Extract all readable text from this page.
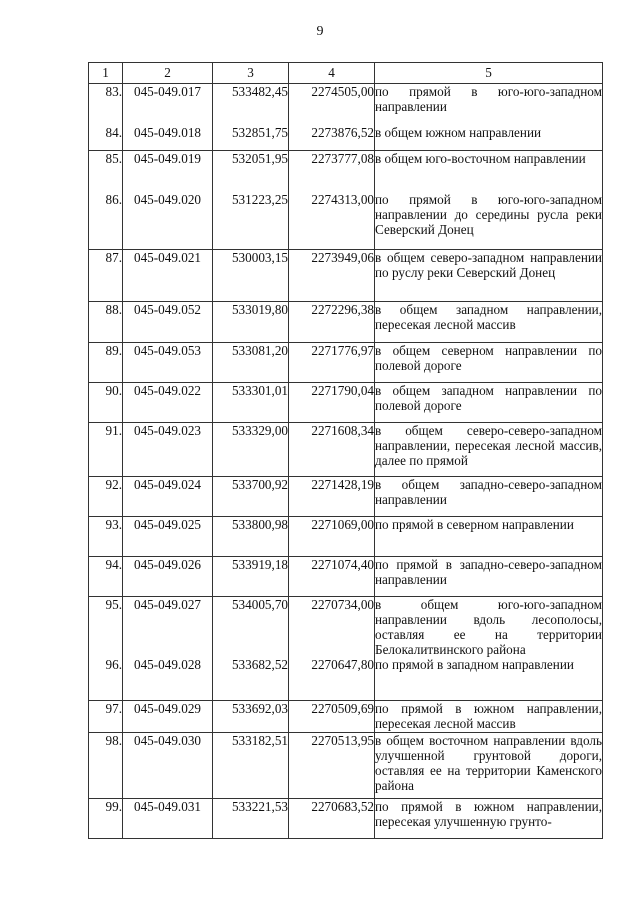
9
1	2	3	4	5

83.	045-049.017	533482,45	2274505,00	по прямой в юго-юго-западном направлении

84.	045-049.018	532851,75	2273876,52	в общем южном направлении

85.	045-049.019	532051,95	2273777,08	в общем юго-восточном направлении

86.	045-049.020	531223,25	2274313,00	по прямой в юго-юго-западном направлении до середины русла реки Северский Донец

87.	045-049.021	530003,15	2273949,06	в общем северо-западном направлении по руслу реки Северский Донец

88.	045-049.052	533019,80	2272296,38	в общем западном направлении, пересекая лесной массив

89.	045-049.053	533081,20	2271776,97	в общем северном направлении по полевой дороге

90.	045-049.022	533301,01	2271790,04	в общем западном направлении по полевой дороге

91.	045-049.023	533329,00	2271608,34	в общем северо-северо-западном направлении, пересекая лесной массив, далее по прямой

92.	045-049.024	533700,92	2271428,19	в общем западно-северо-западном направлении

93.	045-049.025	533800,98	2271069,00	по прямой в северном направлении

94.	045-049.026	533919,18	2271074,40	по прямой в западно-северо-западном направлении

95.	045-049.027	534005,70	2270734,00	в общем юго-юго-западном направлении вдоль лесополосы, оставляя ее на территории Белокалитвинского района

96.	045-049.028	533682,52	2270647,80	по прямой в западном направлении

97.	045-049.029	533692,03	2270509,69	по прямой в южном направлении, пересекая лесной массив

98.	045-049.030	533182,51	2270513,95	в общем восточном направлении вдоль улучшенной грунтовой дороги, оставляя ее на территории Каменского района

99.	045-049.031	533221,53	2270683,52	по прямой в южном направлении, пересекая улучшенную грунто-
